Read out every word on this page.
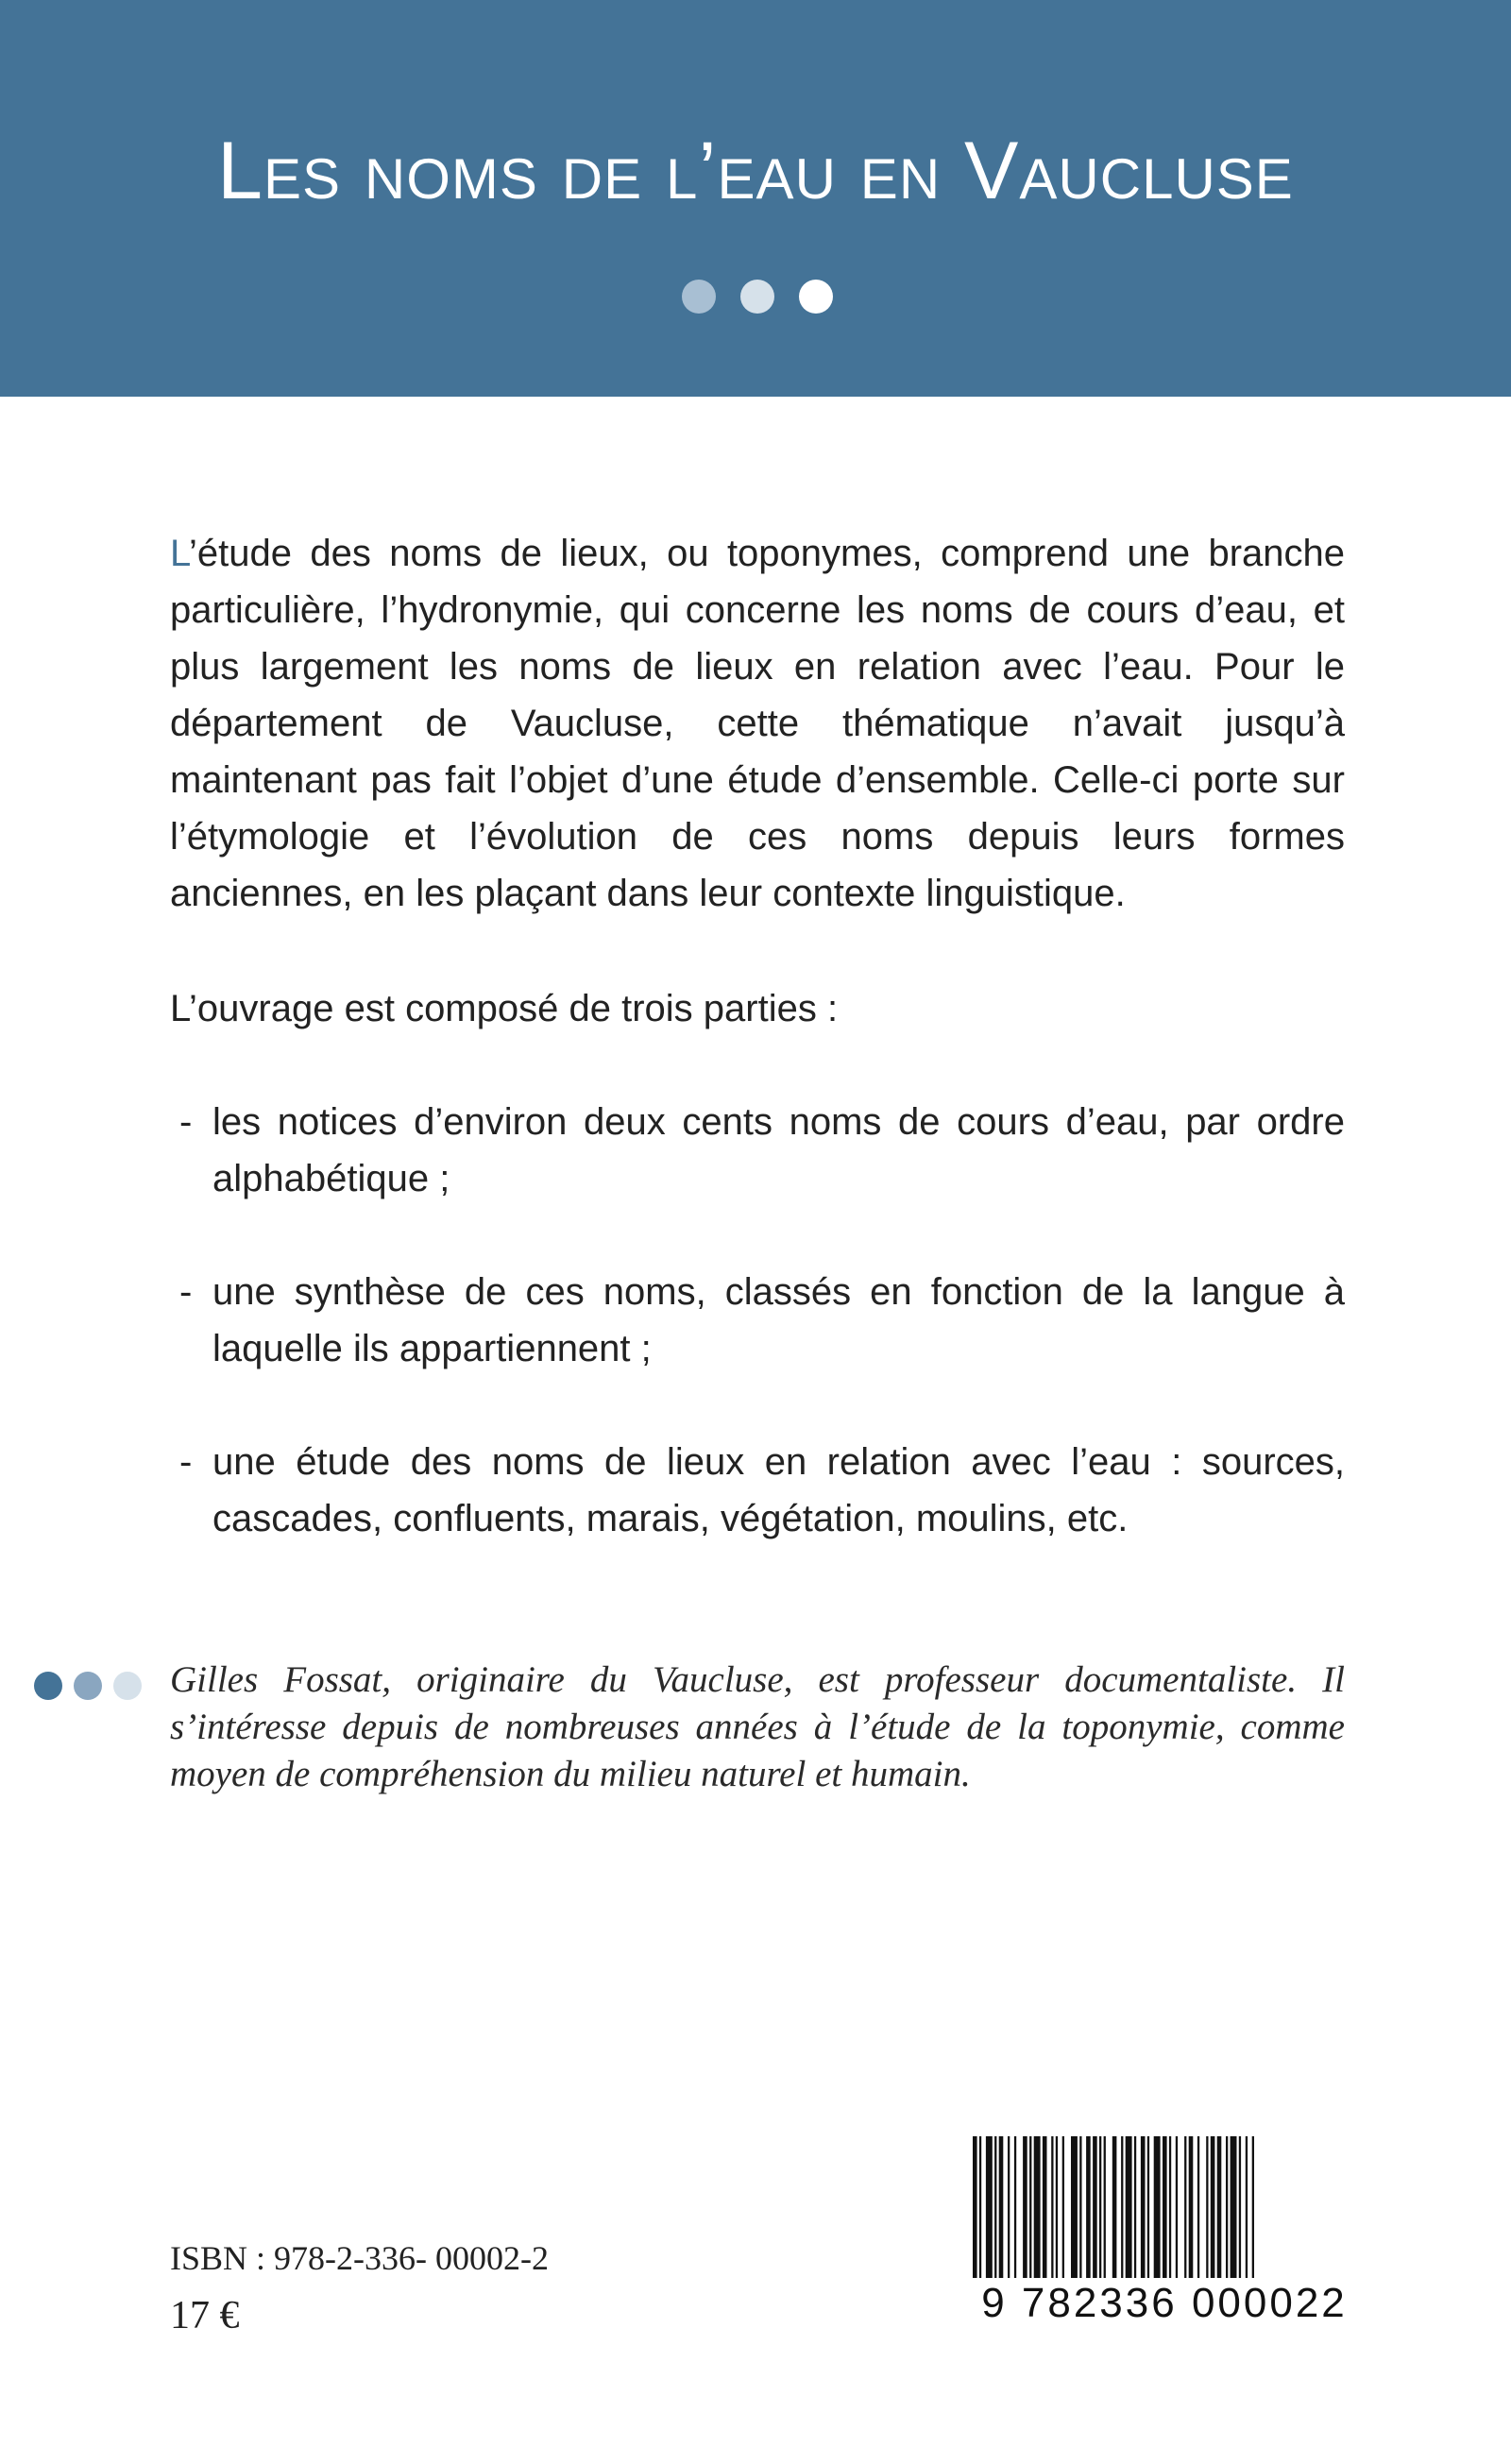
Les noms de l’eau en Vaucluse

L’étude des noms de lieux, ou toponymes, comprend une branche particulière, l’hydronymie, qui concerne les noms de cours d’eau, et plus largement les noms de lieux en relation avec l’eau. Pour le département de Vaucluse, cette thématique n’avait jusqu’à maintenant pas fait l’objet d’une étude d’ensemble. Celle-ci porte sur l’étymologie et l’évolution de ces noms depuis leurs formes anciennes, en les plaçant dans leur contexte linguistique.

L’ouvrage est composé de trois parties :

- les notices d’environ deux cents noms de cours d’eau, par ordre alphabétique ;
- une synthèse de ces noms, classés en fonction de la langue à laquelle ils appartiennent ;
- une étude des noms de lieux en relation avec l’eau : sources, cascades, confluents, marais, végétation, moulins, etc.

Gilles Fossat, originaire du Vaucluse, est professeur documentaliste. Il s’intéresse depuis de nombreuses années à l’étude de la toponymie, comme moyen de compréhension du milieu naturel et humain.

ISBN : 978-2-336- 00002-2
17 €	9 782336 000022
